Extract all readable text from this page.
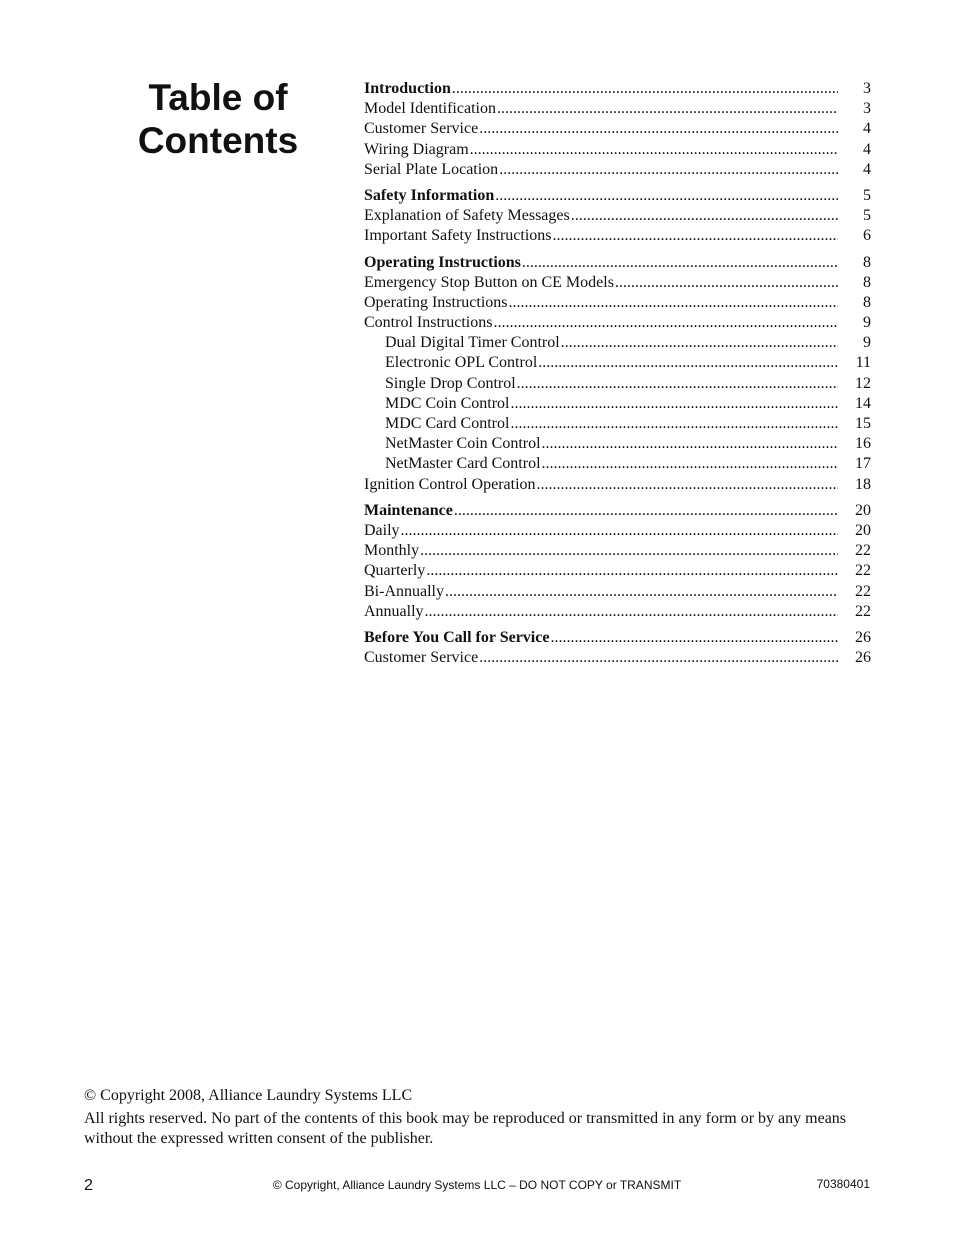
Table of
Contents
Introduction .....	3
Model Identification .....	3
Customer Service .....	4
Wiring Diagram .....	4
Serial Plate Location .....	4
Safety Information .....	5
Explanation of Safety Messages .....	5
Important Safety Instructions .....	6
Operating Instructions .....	8
Emergency Stop Button on CE Models .....	8
Operating Instructions .....	8
Control Instructions .....	9
Dual Digital Timer Control .....	9
Electronic OPL Control .....	11
Single Drop Control .....	12
MDC Coin Control .....	14
MDC Card Control .....	15
NetMaster Coin Control .....	16
NetMaster Card Control .....	17
Ignition Control Operation .....	18
Maintenance .....	20
Daily .....	20
Monthly .....	22
Quarterly .....	22
Bi-Annually .....	22
Annually .....	22
Before You Call for Service .....	26
Customer Service .....	26

© Copyright 2008, Alliance Laundry Systems LLC

All rights reserved. No part of the contents of this book may be reproduced or transmitted in any form or by any means without the expressed written consent of the publisher.

2	© Copyright, Alliance Laundry Systems LLC – DO NOT COPY or TRANSMIT	70380401
